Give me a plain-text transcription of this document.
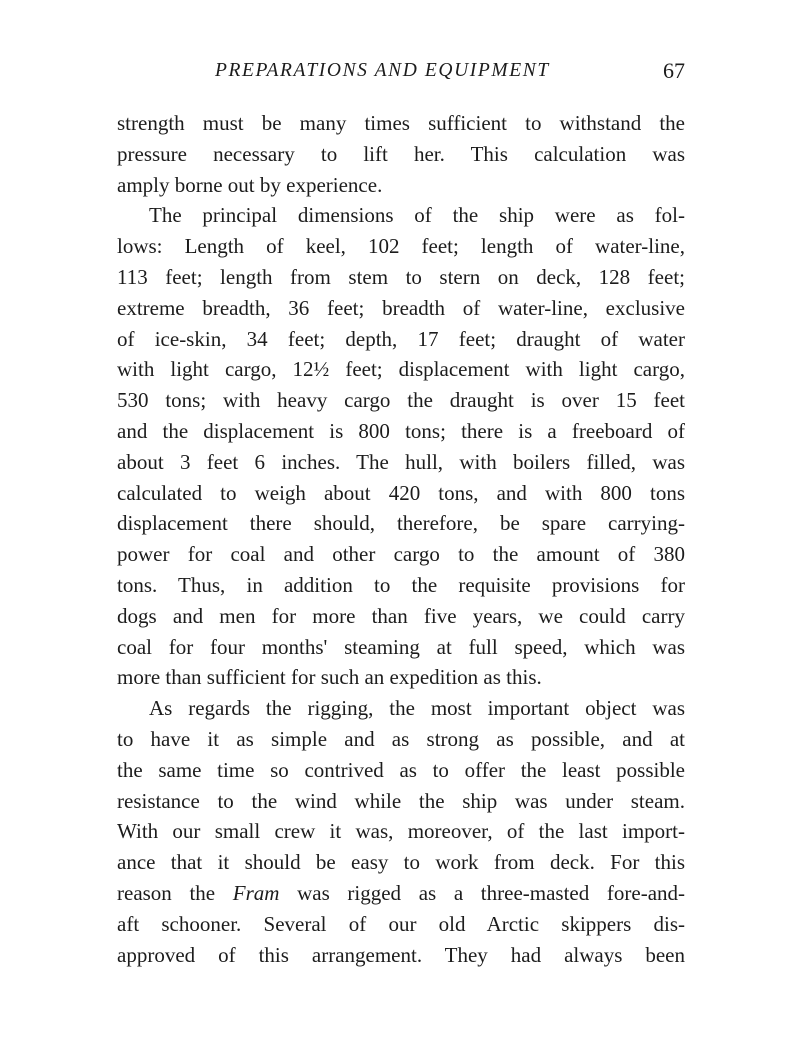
PREPARATIONS AND EQUIPMENT	67
strength must be many times sufficient to withstand the
pressure necessary to lift her. This calculation was
amply borne out by experience.
The principal dimensions of the ship were as fol-
lows: Length of keel, 102 feet; length of water-line,
113 feet; length from stem to stern on deck, 128 feet;
extreme breadth, 36 feet; breadth of water-line, exclusive
of ice-skin, 34 feet; depth, 17 feet; draught of water
with light cargo, 12½ feet; displacement with light cargo,
530 tons; with heavy cargo the draught is over 15 feet
and the displacement is 800 tons; there is a freeboard of
about 3 feet 6 inches. The hull, with boilers filled, was
calculated to weigh about 420 tons, and with 800 tons
displacement there should, therefore, be spare carrying-
power for coal and other cargo to the amount of 380
tons. Thus, in addition to the requisite provisions for
dogs and men for more than five years, we could carry
coal for four months' steaming at full speed, which was
more than sufficient for such an expedition as this.
As regards the rigging, the most important object was
to have it as simple and as strong as possible, and at
the same time so contrived as to offer the least possible
resistance to the wind while the ship was under steam.
With our small crew it was, moreover, of the last import-
ance that it should be easy to work from deck. For this
reason the Fram was rigged as a three-masted fore-and-
aft schooner. Several of our old Arctic skippers dis-
approved of this arrangement. They had always been
